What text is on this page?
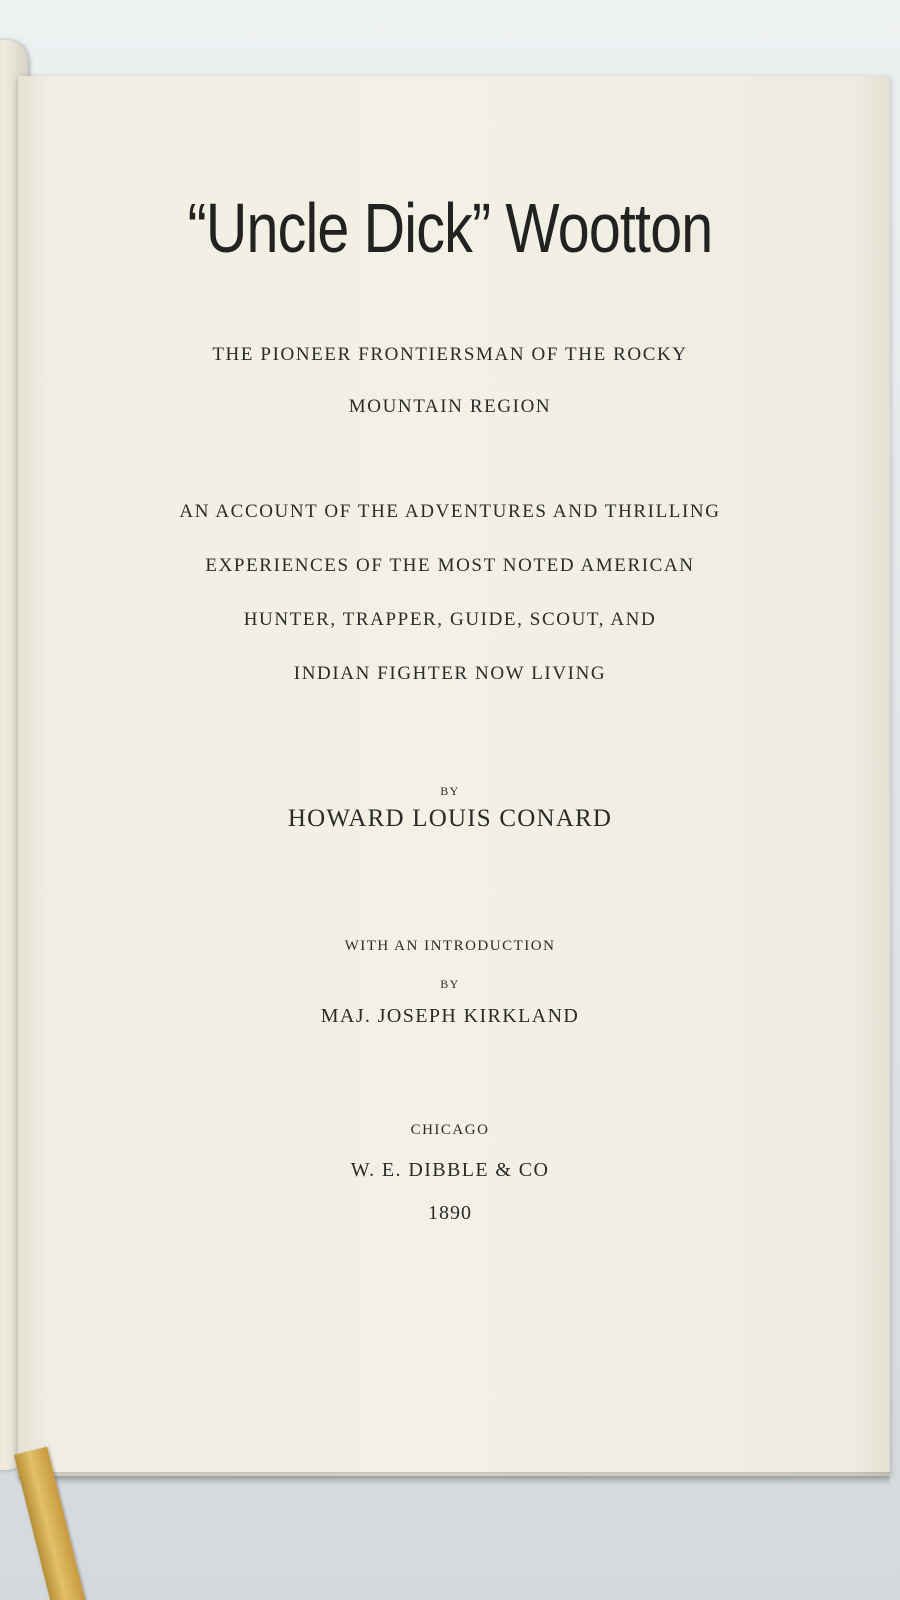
“Uncle Dick” Wootton
THE PIONEER FRONTIERSMAN OF THE ROCKY
MOUNTAIN REGION
AN ACCOUNT OF THE ADVENTURES AND THRILLING
EXPERIENCES OF THE MOST NOTED AMERICAN
HUNTER, TRAPPER, GUIDE, SCOUT, AND
INDIAN FIGHTER NOW LIVING
BY
HOWARD LOUIS CONARD
WITH AN INTRODUCTION
BY
MAJ. JOSEPH KIRKLAND
CHICAGO
W. E. DIBBLE & CO
1890
